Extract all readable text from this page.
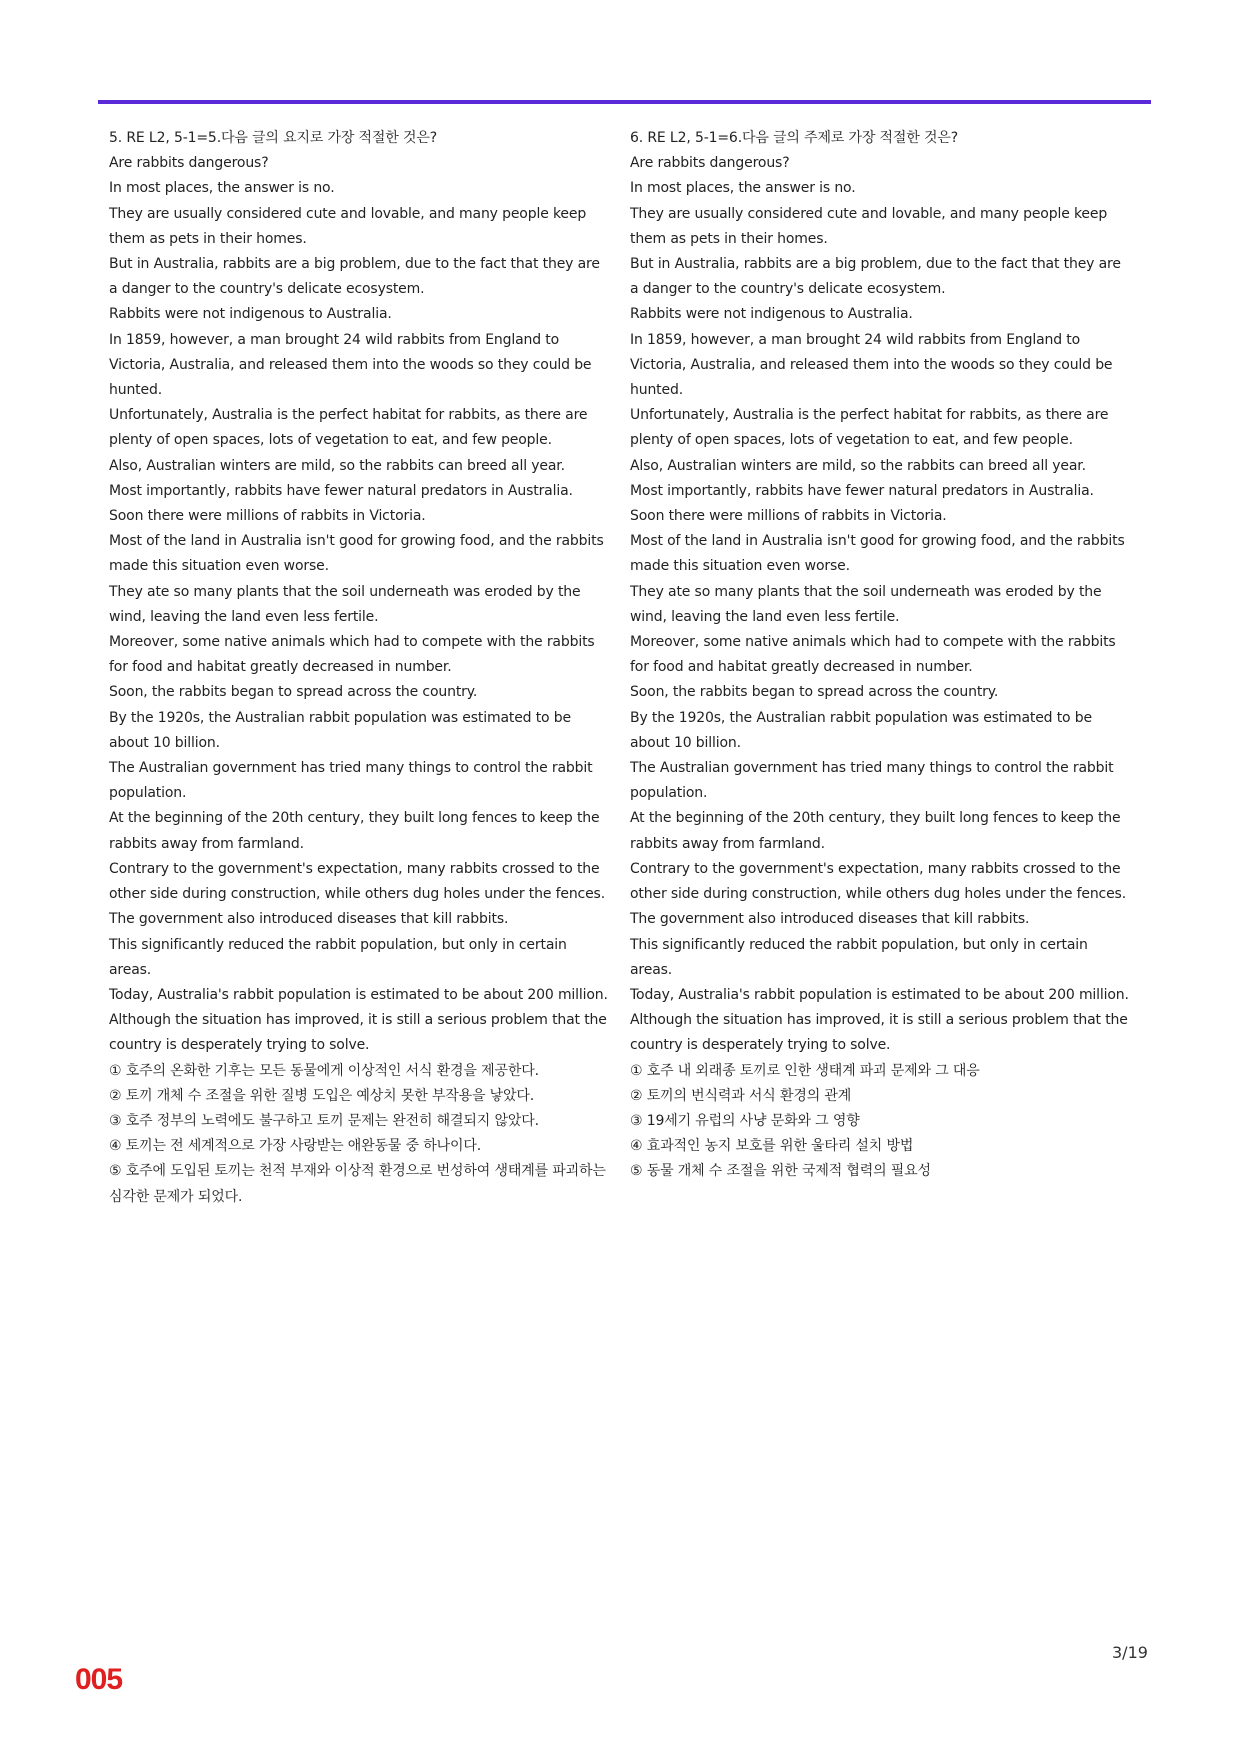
5. RE L2, 5-1=5.다음 글의 요지로 가장 적절한 것은?
Are rabbits dangerous?
In most places, the answer is no.
They are usually considered cute and lovable, and many people keep them as pets in their homes.
But in Australia, rabbits are a big problem, due to the fact that they are a danger to the country's delicate ecosystem.
Rabbits were not indigenous to Australia.
In 1859, however, a man brought 24 wild rabbits from England to Victoria, Australia, and released them into the woods so they could be hunted.
Unfortunately, Australia is the perfect habitat for rabbits, as there are plenty of open spaces, lots of vegetation to eat, and few people.
Also, Australian winters are mild, so the rabbits can breed all year.
Most importantly, rabbits have fewer natural predators in Australia.
Soon there were millions of rabbits in Victoria.
Most of the land in Australia isn't good for growing food, and the rabbits made this situation even worse.
They ate so many plants that the soil underneath was eroded by the wind, leaving the land even less fertile.
Moreover, some native animals which had to compete with the rabbits for food and habitat greatly decreased in number.
Soon, the rabbits began to spread across the country.
By the 1920s, the Australian rabbit population was estimated to be about 10 billion.
The Australian government has tried many things to control the rabbit population.
At the beginning of the 20th century, they built long fences to keep the rabbits away from farmland.
Contrary to the government's expectation, many rabbits crossed to the other side during construction, while others dug holes under the fences.
The government also introduced diseases that kill rabbits.
This significantly reduced the rabbit population, but only in certain areas.
Today, Australia's rabbit population is estimated to be about 200 million.
Although the situation has improved, it is still a serious problem that the country is desperately trying to solve.
① 호주의 온화한 기후는 모든 동물에게 이상적인 서식 환경을 제공한다.
② 토끼 개체 수 조절을 위한 질병 도입은 예상치 못한 부작용을 낳았다.
③ 호주 정부의 노력에도 불구하고 토끼 문제는 완전히 해결되지 않았다.
④ 토끼는 전 세계적으로 가장 사랑받는 애완동물 중 하나이다.
⑤ 호주에 도입된 토끼는 천적 부재와 이상적 환경으로 번성하여 생태계를 파괴하는 심각한 문제가 되었다.
6. RE L2, 5-1=6.다음 글의 주제로 가장 적절한 것은?
Are rabbits dangerous?
In most places, the answer is no.
They are usually considered cute and lovable, and many people keep them as pets in their homes.
But in Australia, rabbits are a big problem, due to the fact that they are a danger to the country's delicate ecosystem.
Rabbits were not indigenous to Australia.
In 1859, however, a man brought 24 wild rabbits from England to Victoria, Australia, and released them into the woods so they could be hunted.
Unfortunately, Australia is the perfect habitat for rabbits, as there are plenty of open spaces, lots of vegetation to eat, and few people.
Also, Australian winters are mild, so the rabbits can breed all year.
Most importantly, rabbits have fewer natural predators in Australia.
Soon there were millions of rabbits in Victoria.
Most of the land in Australia isn't good for growing food, and the rabbits made this situation even worse.
They ate so many plants that the soil underneath was eroded by the wind, leaving the land even less fertile.
Moreover, some native animals which had to compete with the rabbits for food and habitat greatly decreased in number.
Soon, the rabbits began to spread across the country.
By the 1920s, the Australian rabbit population was estimated to be about 10 billion.
The Australian government has tried many things to control the rabbit population.
At the beginning of the 20th century, they built long fences to keep the rabbits away from farmland.
Contrary to the government's expectation, many rabbits crossed to the other side during construction, while others dug holes under the fences.
The government also introduced diseases that kill rabbits.
This significantly reduced the rabbit population, but only in certain areas.
Today, Australia's rabbit population is estimated to be about 200 million.
Although the situation has improved, it is still a serious problem that the country is desperately trying to solve.
① 호주 내 외래종 토끼로 인한 생태계 파괴 문제와 그 대응
② 토끼의 번식력과 서식 환경의 관계
③ 19세기 유럽의 사냥 문화와 그 영향
④ 효과적인 농지 보호를 위한 울타리 설치 방법
⑤ 동물 개체 수 조절을 위한 국제적 협력의 필요성
3/19
005
